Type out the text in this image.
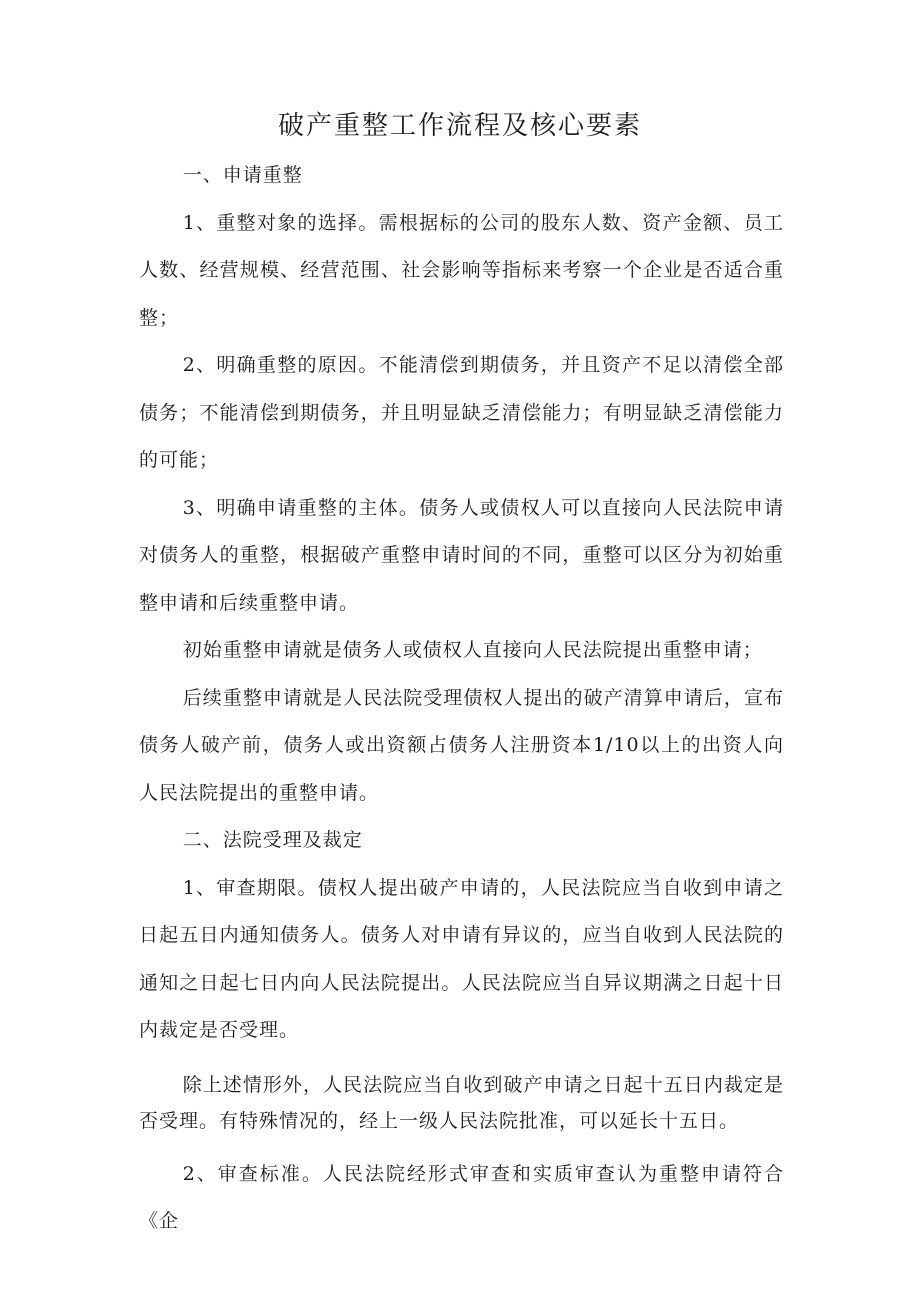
破产重整工作流程及核心要素

一、申请重整

1、重整对象的选择。需根据标的公司的股东人数、资产金额、员工人数、经营规模、经营范围、社会影响等指标来考察一个企业是否适合重整；

2、明确重整的原因。不能清偿到期债务，并且资产不足以清偿全部债务；不能清偿到期债务，并且明显缺乏清偿能力；有明显缺乏清偿能力的可能；

3、明确申请重整的主体。债务人或债权人可以直接向人民法院申请对债务人的重整，根据破产重整申请时间的不同，重整可以区分为初始重整申请和后续重整申请。

初始重整申请就是债务人或债权人直接向人民法院提出重整申请；

后续重整申请就是人民法院受理债权人提出的破产清算申请后，宣布债务人破产前，债务人或出资额占债务人注册资本1/10以上的出资人向人民法院提出的重整申请。

二、法院受理及裁定

1、审查期限。债权人提出破产申请的，人民法院应当自收到申请之日起五日内通知债务人。债务人对申请有异议的，应当自收到人民法院的通知之日起七日内向人民法院提出。人民法院应当自异议期满之日起十日内裁定是否受理。

除上述情形外，人民法院应当自收到破产申请之日起十五日内裁定是否受理。有特殊情况的，经上一级人民法院批准，可以延长十五日。

2、审查标准。人民法院经形式审查和实质审查认为重整申请符合《企
